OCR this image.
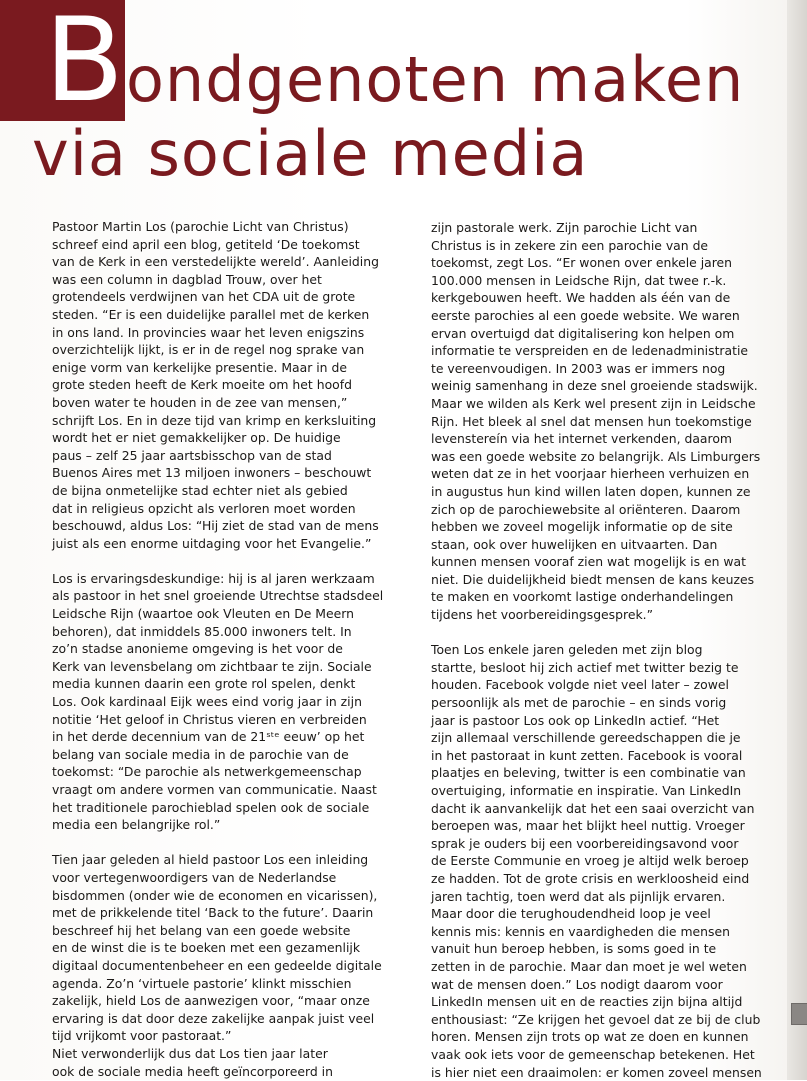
B ondgenoten maken
via sociale media

Pastoor Martin Los (parochie Licht van Christus)

schreef eind april een blog, getiteld ‘De toekomst

van de Kerk in een verstedelijkte wereld’. Aanleiding

was een column in dagblad Trouw, over het

grotendeels verdwijnen van het CDA uit de grote

steden. “Er is een duidelijke parallel met de kerken

in ons land. In provincies waar het leven enigszins

overzichtelijk lijkt, is er in de regel nog sprake van

enige vorm van kerkelijke presentie. Maar in de

grote steden heeft de Kerk moeite om het hoofd

boven water te houden in de zee van mensen,”

schrijft Los. En in deze tijd van krimp en kerksluiting

wordt het er niet gemakkelijker op. De huidige

paus – zelf 25 jaar aartsbisschop van de stad

Buenos Aires met 13 miljoen inwoners – beschouwt

de bijna onmetelijke stad echter niet als gebied

dat in religieus opzicht als verloren moet worden

beschouwd, aldus Los: “Hij ziet de stad van de mens

juist als een enorme uitdaging voor het Evangelie.”

Los is ervaringsdeskundige: hij is al jaren werkzaam

als pastoor in het snel groeiende Utrechtse stadsdeel

Leidsche Rijn (waartoe ook Vleuten en De Meern

behoren), dat inmiddels 85.000 inwoners telt. In

zo’n stadse anonieme omgeving is het voor de

Kerk van levensbelang om zichtbaar te zijn. Sociale

media kunnen daarin een grote rol spelen, denkt

Los. Ook kardinaal Eijk wees eind vorig jaar in zijn

notitie ‘Het geloof in Christus vieren en verbreiden

in het derde decennium van de 21ˢᵗᵉ eeuw’ op het

belang van sociale media in de parochie van de

toekomst: “De parochie als netwerkgemeenschap

vraagt om andere vormen van communicatie. Naast

het traditionele parochieblad spelen ook de sociale

media een belangrijke rol.”

Tien jaar geleden al hield pastoor Los een inleiding

voor vertegenwoordigers van de Nederlandse

bisdommen (onder wie de economen en vicarissen),

met de prikkelende titel ‘Back to the future’. Daarin

beschreef hij het belang van een goede website

en de winst die is te boeken met een gezamenlijk

digitaal documentenbeheer en een gedeelde digitale

agenda. Zo’n ‘virtuele pastorie’ klinkt misschien

zakelijk, hield Los de aanwezigen voor, “maar onze

ervaring is dat door deze zakelijke aanpak juist veel

tijd vrijkomt voor pastoraat.”

Niet verwonderlijk dus dat Los tien jaar later

ook de sociale media heeft geïncorporeerd in

zijn pastorale werk. Zijn parochie Licht van

Christus is in zekere zin een parochie van de

toekomst, zegt Los. “Er wonen over enkele jaren

100.000 mensen in Leidsche Rijn, dat twee r.-k.

kerkgebouwen heeft. We hadden als één van de

eerste parochies al een goede website. We waren

ervan overtuigd dat digitalisering kon helpen om

informatie te verspreiden en de ledenadministratie

te vereenvoudigen. In 2003 was er immers nog

weinig samenhang in deze snel groeiende stadswijk.

Maar we wilden als Kerk wel present zijn in Leidsche

Rijn. Het bleek al snel dat mensen hun toekomstige

levenstereín via het internet verkenden, daarom

was een goede website zo belangrijk. Als Limburgers

weten dat ze in het voorjaar hierheen verhuizen en

in augustus hun kind willen laten dopen, kunnen ze

zich op de parochiewebsite al oriënteren. Daarom

hebben we zoveel mogelijk informatie op de site

staan, ook over huwelijken en uitvaarten. Dan

kunnen mensen vooraf zien wat mogelijk is en wat

niet. Die duidelijkheid biedt mensen de kans keuzes

te maken en voorkomt lastige onderhandelingen

tijdens het voorbereidingsgesprek.”

Toen Los enkele jaren geleden met zijn blog

startte, besloot hij zich actief met twitter bezig te

houden. Facebook volgde niet veel later – zowel

persoonlijk als met de parochie – en sinds vorig

jaar is pastoor Los ook op LinkedIn actief. “Het

zijn allemaal verschillende gereedschappen die je

in het pastoraat in kunt zetten. Facebook is vooral

plaatjes en beleving, twitter is een combinatie van

overtuiging, informatie en inspiratie. Van LinkedIn

dacht ik aanvankelijk dat het een saai overzicht van

beroepen was, maar het blijkt heel nuttig. Vroeger

sprak je ouders bij een voorbereidingsavond voor

de Eerste Communie en vroeg je altijd welk beroep

ze hadden. Tot de grote crisis en werkloosheid eind

jaren tachtig, toen werd dat als pijnlijk ervaren.

Maar door die terughoudendheid loop je veel

kennis mis: kennis en vaardigheden die mensen

vanuit hun beroep hebben, is soms goed in te

zetten in de parochie. Maar dan moet je wel weten

wat de mensen doen.” Los nodigt daarom voor

LinkedIn mensen uit en de reacties zijn bijna altijd

enthousiast: “Ze krijgen het gevoel dat ze bij de club

horen. Mensen zijn trots op wat ze doen en kunnen

vaak ook iets voor de gemeenschap betekenen. Het

is hier niet een draaimolen: er komen zoveel mensen
